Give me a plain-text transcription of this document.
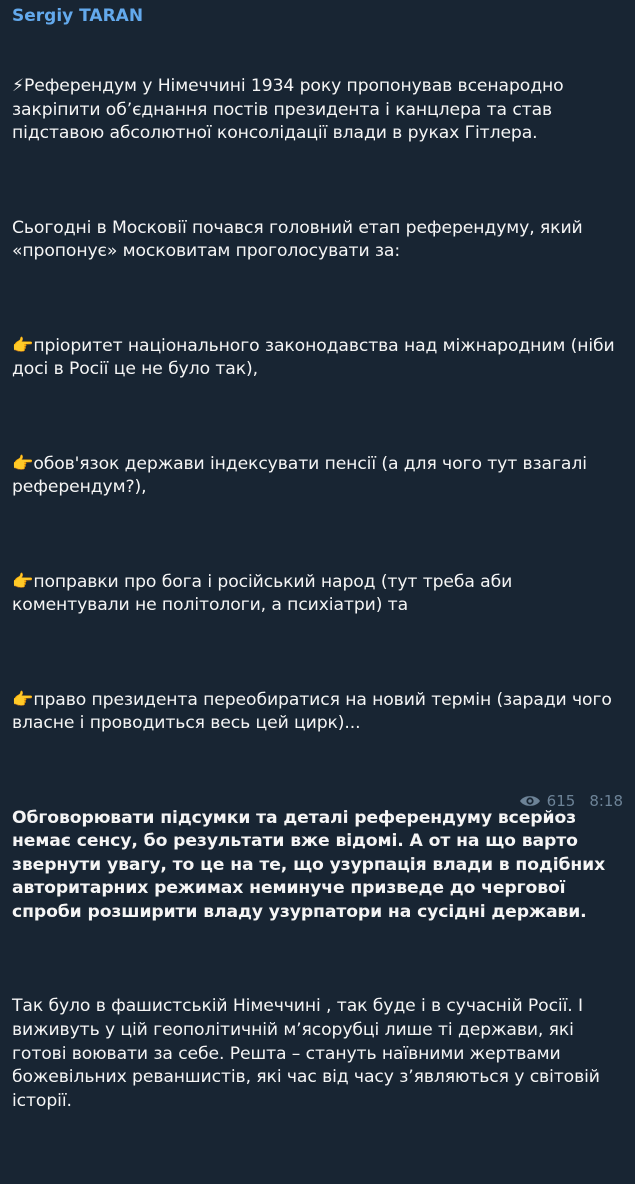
Sergiy TARAN

⚡Референдум у Німеччині 1934 року пропонував всенародно закріпити об’єднання постів президента і канцлера та став підставою абсолютної консолідації влади в руках Гітлера.

Сьогодні в Московії почався головний етап референдуму, який «пропонує» московитам проголосувати за:

👉пріоритет національного законодавства над міжнародним (ніби досі в Росії це не було так),

👉обов'язок держави індексувати пенсії (а для чого тут взагалі референдум?),

👉поправки про бога і російський народ (тут треба аби коментували не політологи, а психіатри) та

👉право президента переобиратися на новий термін (заради чого власне і проводиться весь цей цирк)...

Обговорювати підсумки та деталі референдуму всерйоз немає сенсу, бо результати вже відомі. А от на що варто звернути увагу, то це на те, що узурпація влади в подібних авторитарних режимах неминуче призведе до чергової спроби розширити владу узурпатори на сусідні держави.

Так було в фашистській Німеччині , так буде і в сучасній Росії. І виживуть у цій геополітичній м’ясорубці лише ті держави, які готові воювати за себе. Решта – стануть наївними жертвами божевільних реваншистів, які час від часу з’являються у світовій історії.

615 8:18
